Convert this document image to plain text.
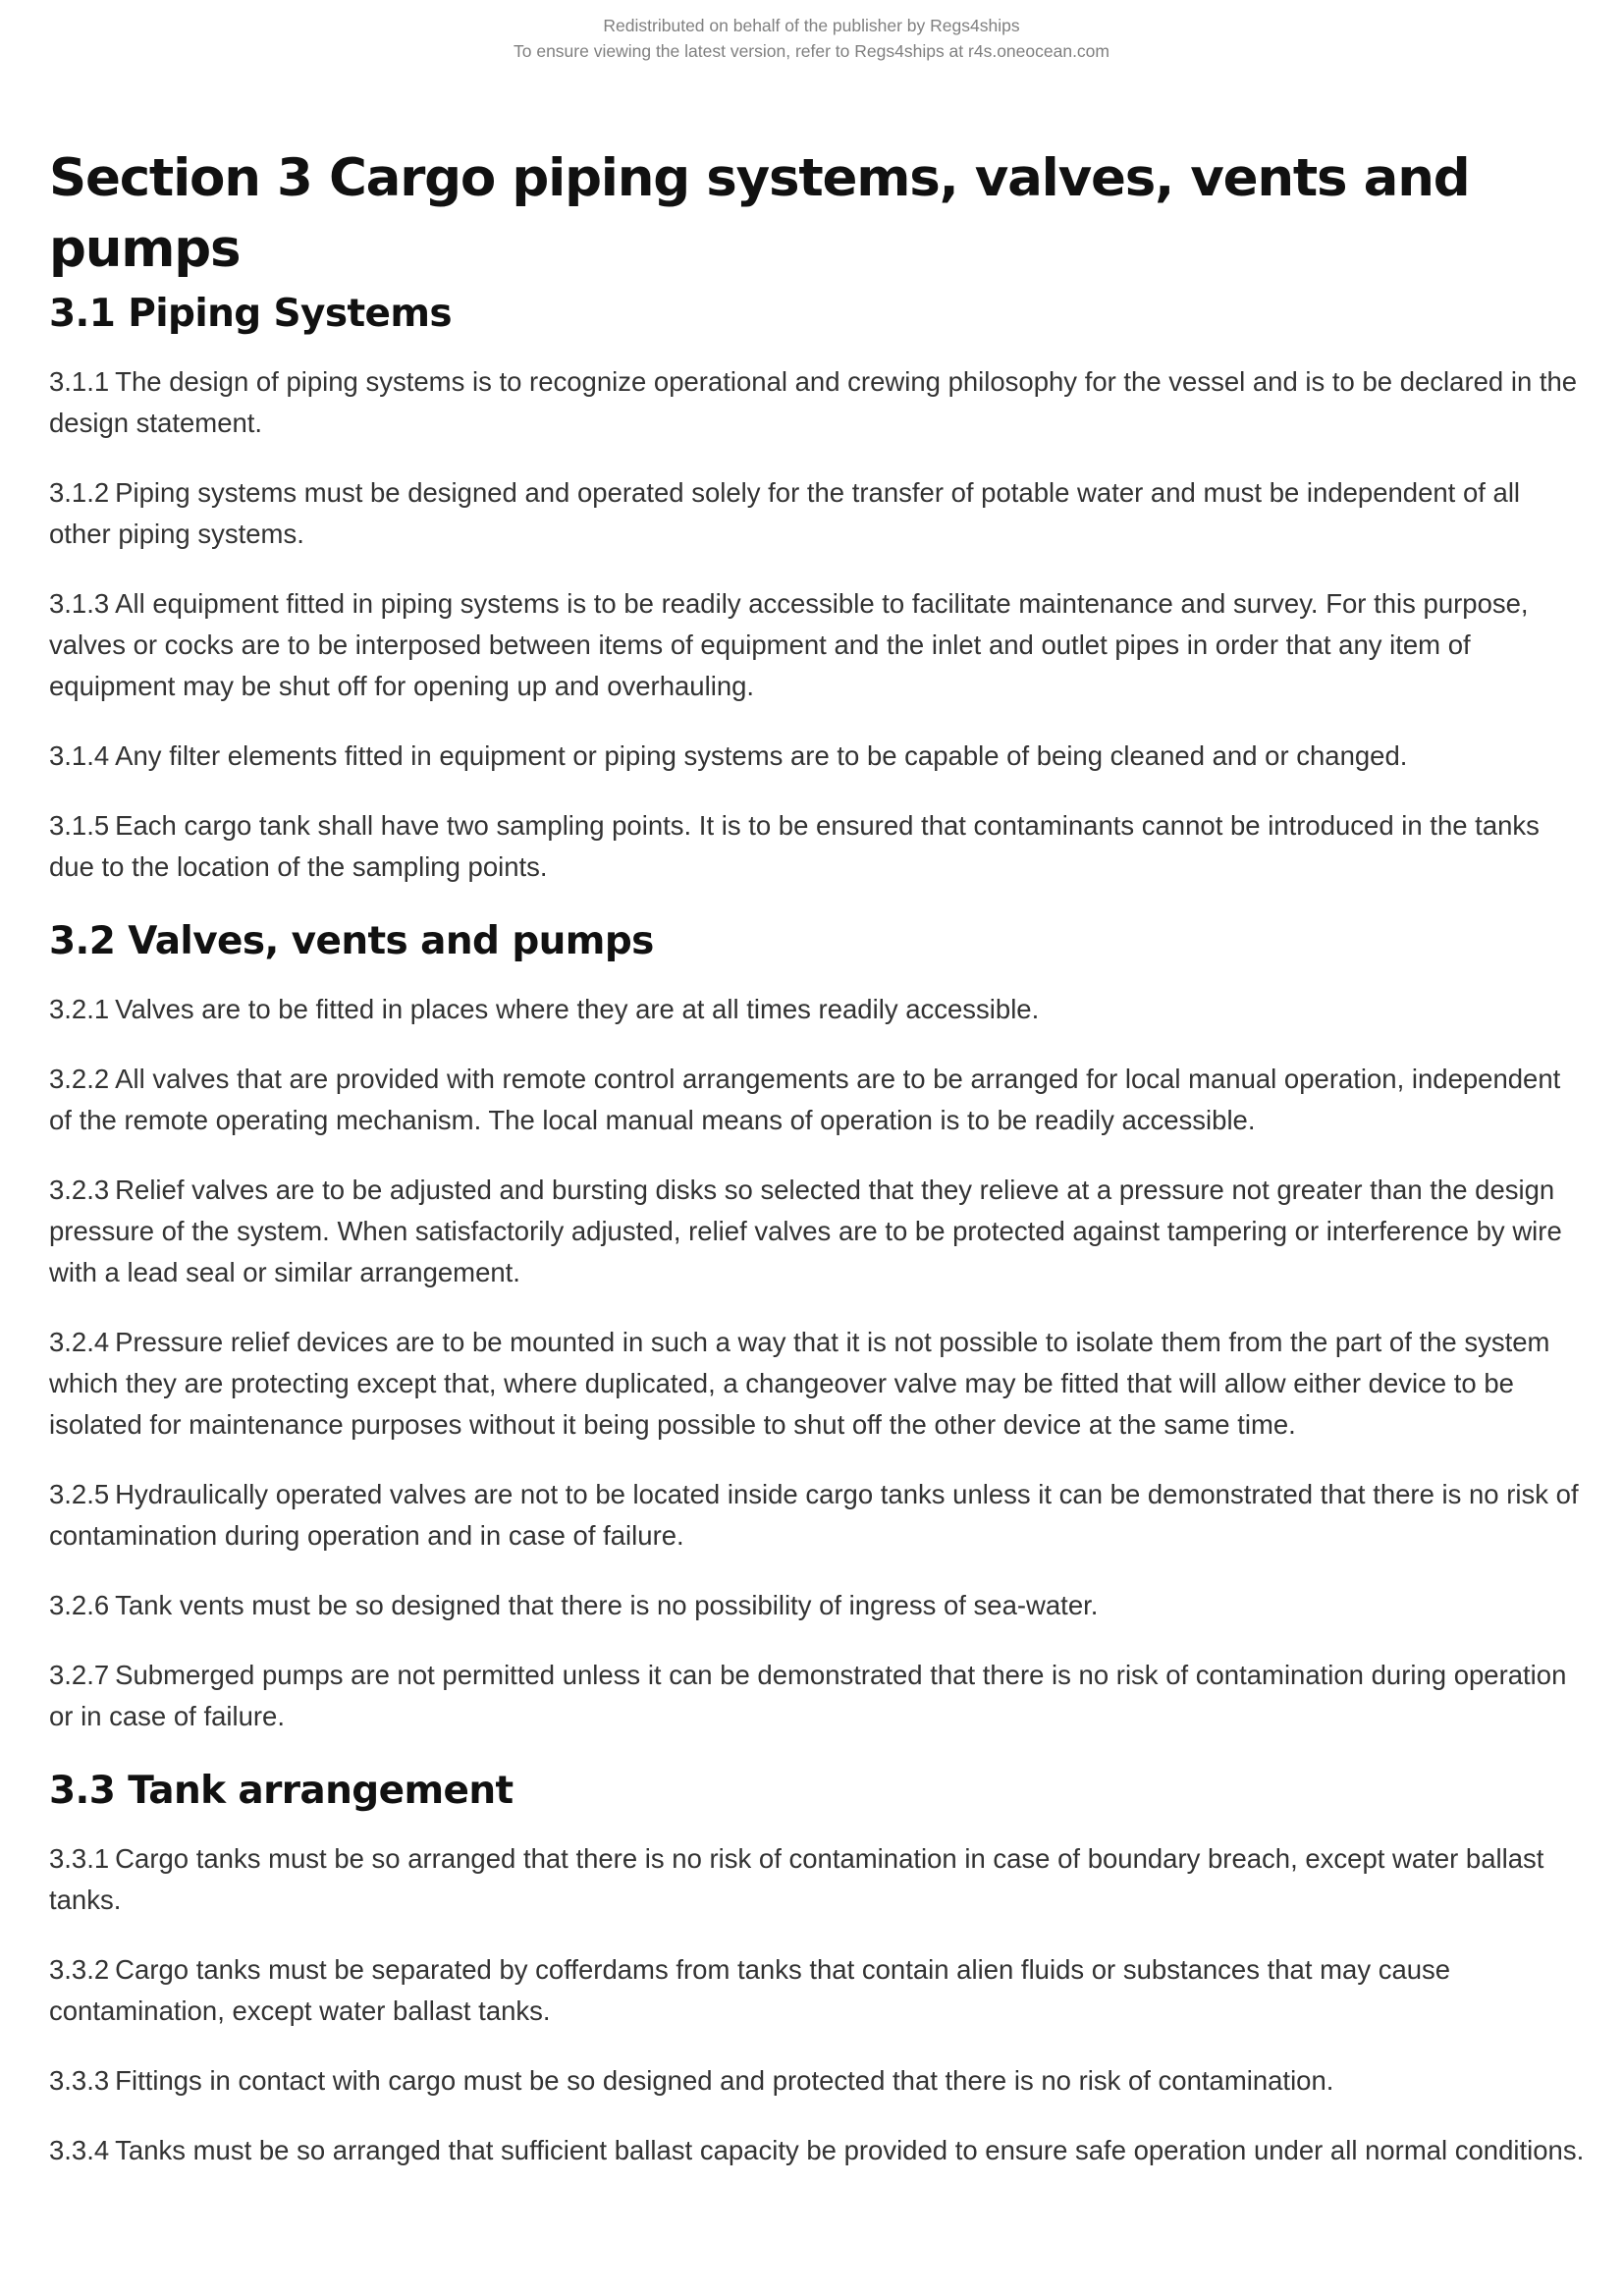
Redistributed on behalf of the publisher by Regs4ships
To ensure viewing the latest version, refer to Regs4ships at r4s.oneocean.com
Section 3 Cargo piping systems, valves, vents and pumps
3.1 Piping Systems

3.1.1 The design of piping systems is to recognize operational and crewing philosophy for the vessel and is to be declared in the design statement.

3.1.2 Piping systems must be designed and operated solely for the transfer of potable water and must be independent of all other piping systems.

3.1.3 All equipment fitted in piping systems is to be readily accessible to facilitate maintenance and survey. For this purpose, valves or cocks are to be interposed between items of equipment and the inlet and outlet pipes in order that any item of equipment may be shut off for opening up and overhauling.

3.1.4 Any filter elements fitted in equipment or piping systems are to be capable of being cleaned and or changed.

3.1.5 Each cargo tank shall have two sampling points. It is to be ensured that contaminants cannot be introduced in the tanks due to the location of the sampling points.

3.2 Valves, vents and pumps

3.2.1 Valves are to be fitted in places where they are at all times readily accessible.

3.2.2 All valves that are provided with remote control arrangements are to be arranged for local manual operation, independent of the remote operating mechanism. The local manual means of operation is to be readily accessible.

3.2.3 Relief valves are to be adjusted and bursting disks so selected that they relieve at a pressure not greater than the design pressure of the system. When satisfactorily adjusted, relief valves are to be protected against tampering or interference by wire with a lead seal or similar arrangement.

3.2.4 Pressure relief devices are to be mounted in such a way that it is not possible to isolate them from the part of the system which they are protecting except that, where duplicated, a changeover valve may be fitted that will allow either device to be isolated for maintenance purposes without it being possible to shut off the other device at the same time.

3.2.5 Hydraulically operated valves are not to be located inside cargo tanks unless it can be demonstrated that there is no risk of contamination during operation and in case of failure.

3.2.6 Tank vents must be so designed that there is no possibility of ingress of sea-water.

3.2.7 Submerged pumps are not permitted unless it can be demonstrated that there is no risk of contamination during operation or in case of failure.

3.3 Tank arrangement

3.3.1 Cargo tanks must be so arranged that there is no risk of contamination in case of boundary breach, except water ballast tanks.

3.3.2 Cargo tanks must be separated by cofferdams from tanks that contain alien fluids or substances that may cause contamination, except water ballast tanks.

3.3.3 Fittings in contact with cargo must be so designed and protected that there is no risk of contamination.

3.3.4 Tanks must be so arranged that sufficient ballast capacity be provided to ensure safe operation under all normal conditions.
